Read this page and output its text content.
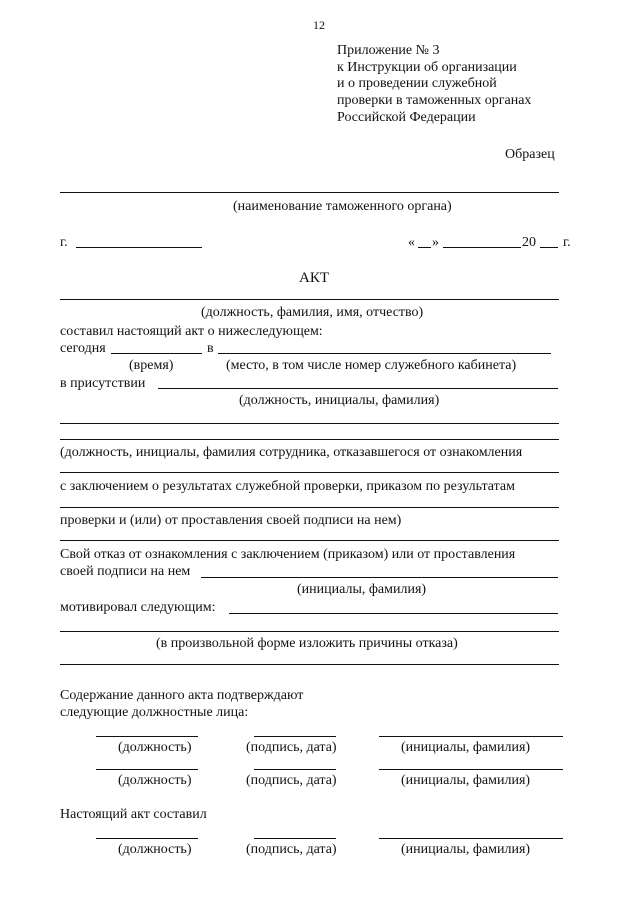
12
Приложение № 3
к Инструкции об организации
и о проведении служебной
проверки в таможенных органах
Российской Федерации
Образец
(наименование таможенного органа)
г.	« »	20 г.
АКТ
(должность, фамилия, имя, отчество)
составил настоящий акт о нижеследующем:
сегодня	в
(время)	(место, в том числе номер служебного кабинета)
в присутствии
(должность, инициалы, фамилия)
(должность, инициалы, фамилия сотрудника, отказавшегося от ознакомления
с заключением о результатах служебной проверки, приказом по результатам
проверки и (или) от проставления своей подписи на нем)
Свой отказ от ознакомления с заключением (приказом) или от проставления
своей подписи на нем
(инициалы, фамилия)
мотивировал следующим:
(в произвольной форме изложить причины отказа)
Содержание данного акта подтверждают
следующие должностные лица:
(должность)	(подпись, дата)	(инициалы, фамилия)
(должность)	(подпись, дата)	(инициалы, фамилия)
Настоящий акт составил
(должность)	(подпись, дата)	(инициалы, фамилия)
